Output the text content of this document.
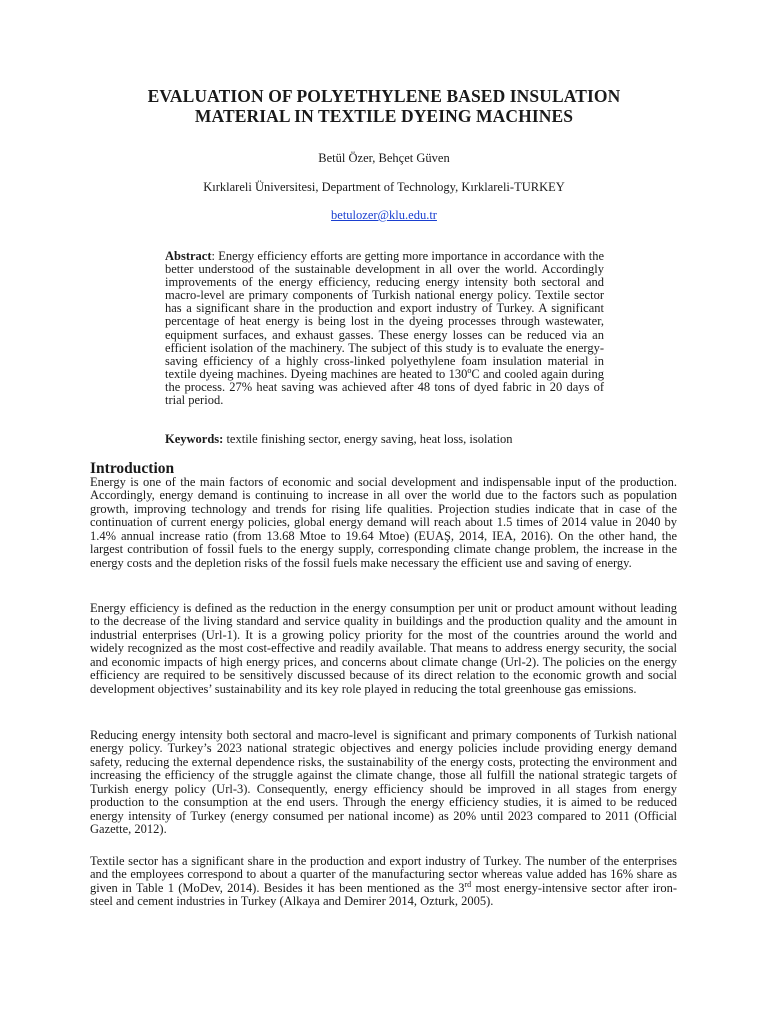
EVALUATION OF POLYETHYLENE BASED INSULATION
MATERIAL IN TEXTILE DYEING MACHINES
Betül Özer, Behçet Güven
Kırklareli Üniversitesi, Department of Technology, Kırklareli-TURKEY
betulozer@klu.edu.tr
Abstract: Energy efficiency efforts are getting more importance in accordance with the better understood of the sustainable development in all over the world. Accordingly improvements of the energy efficiency, reducing energy intensity both sectoral and macro-level are primary components of Turkish national energy policy. Textile sector has a significant share in the production and export industry of Turkey. A significant percentage of heat energy is being lost in the dyeing processes through wastewater, equipment surfaces, and exhaust gasses. These energy losses can be reduced via an efficient isolation of the machinery. The subject of this study is to evaluate the energy-saving efficiency of a highly cross-linked polyethylene foam insulation material in textile dyeing machines. Dyeing machines are heated to 130$^o$C and cooled again during the process. 27% heat saving was achieved after 48 tons of dyed fabric in 20 days of trial period.
Keywords: textile finishing sector, energy saving, heat loss, isolation
Introduction

Energy is one of the main factors of economic and social development and indispensable input of the production. Accordingly, energy demand is continuing to increase in all over the world due to the factors such as population growth, improving technology and trends for rising life qualities. Projection studies indicate that in case of the continuation of current energy policies, global energy demand will reach about 1.5 times of 2014 value in 2040 by 1.4% annual increase ratio (from 13.68 Mtoe to 19.64 Mtoe) (EUAŞ, 2014, IEA, 2016). On the other hand, the largest contribution of fossil fuels to the energy supply, corresponding climate change problem, the increase in the energy costs and the depletion risks of the fossil fuels make necessary the efficient use and saving of energy.

Energy efficiency is defined as the reduction in the energy consumption per unit or product amount without leading to the decrease of the living standard and service quality in buildings and the production quality and the amount in industrial enterprises (Url-1). It is a growing policy priority for the most of the countries around the world and widely recognized as the most cost-effective and readily available. That means to address energy security, the social and economic impacts of high energy prices, and concerns about climate change (Url-2). The policies on the energy efficiency are required to be sensitively discussed because of its direct relation to the economic growth and social development objectives’ sustainability and its key role played in reducing the total greenhouse gas emissions.

Reducing energy intensity both sectoral and macro-level is significant and primary components of Turkish national energy policy. Turkey’s 2023 national strategic objectives and energy policies include providing energy demand safety, reducing the external dependence risks, the sustainability of the energy costs, protecting the environment and increasing the efficiency of the struggle against the climate change, those all fulfill the national strategic targets of Turkish energy policy (Url-3). Consequently, energy efficiency should be improved in all stages from energy production to the consumption at the end users. Through the energy efficiency studies, it is aimed to be reduced energy intensity of Turkey (energy consumed per national income) as 20% until 2023 compared to 2011 (Official Gazette, 2012).

Textile sector has a significant share in the production and export industry of Turkey. The number of the enterprises and the employees correspond to about a quarter of the manufacturing sector whereas value added has 16% share as given in Table 1 (MoDev, 2014). Besides it has been mentioned as the 3rd most energy-intensive sector after iron-steel and cement industries in Turkey (Alkaya and Demirer 2014, Ozturk, 2005).
